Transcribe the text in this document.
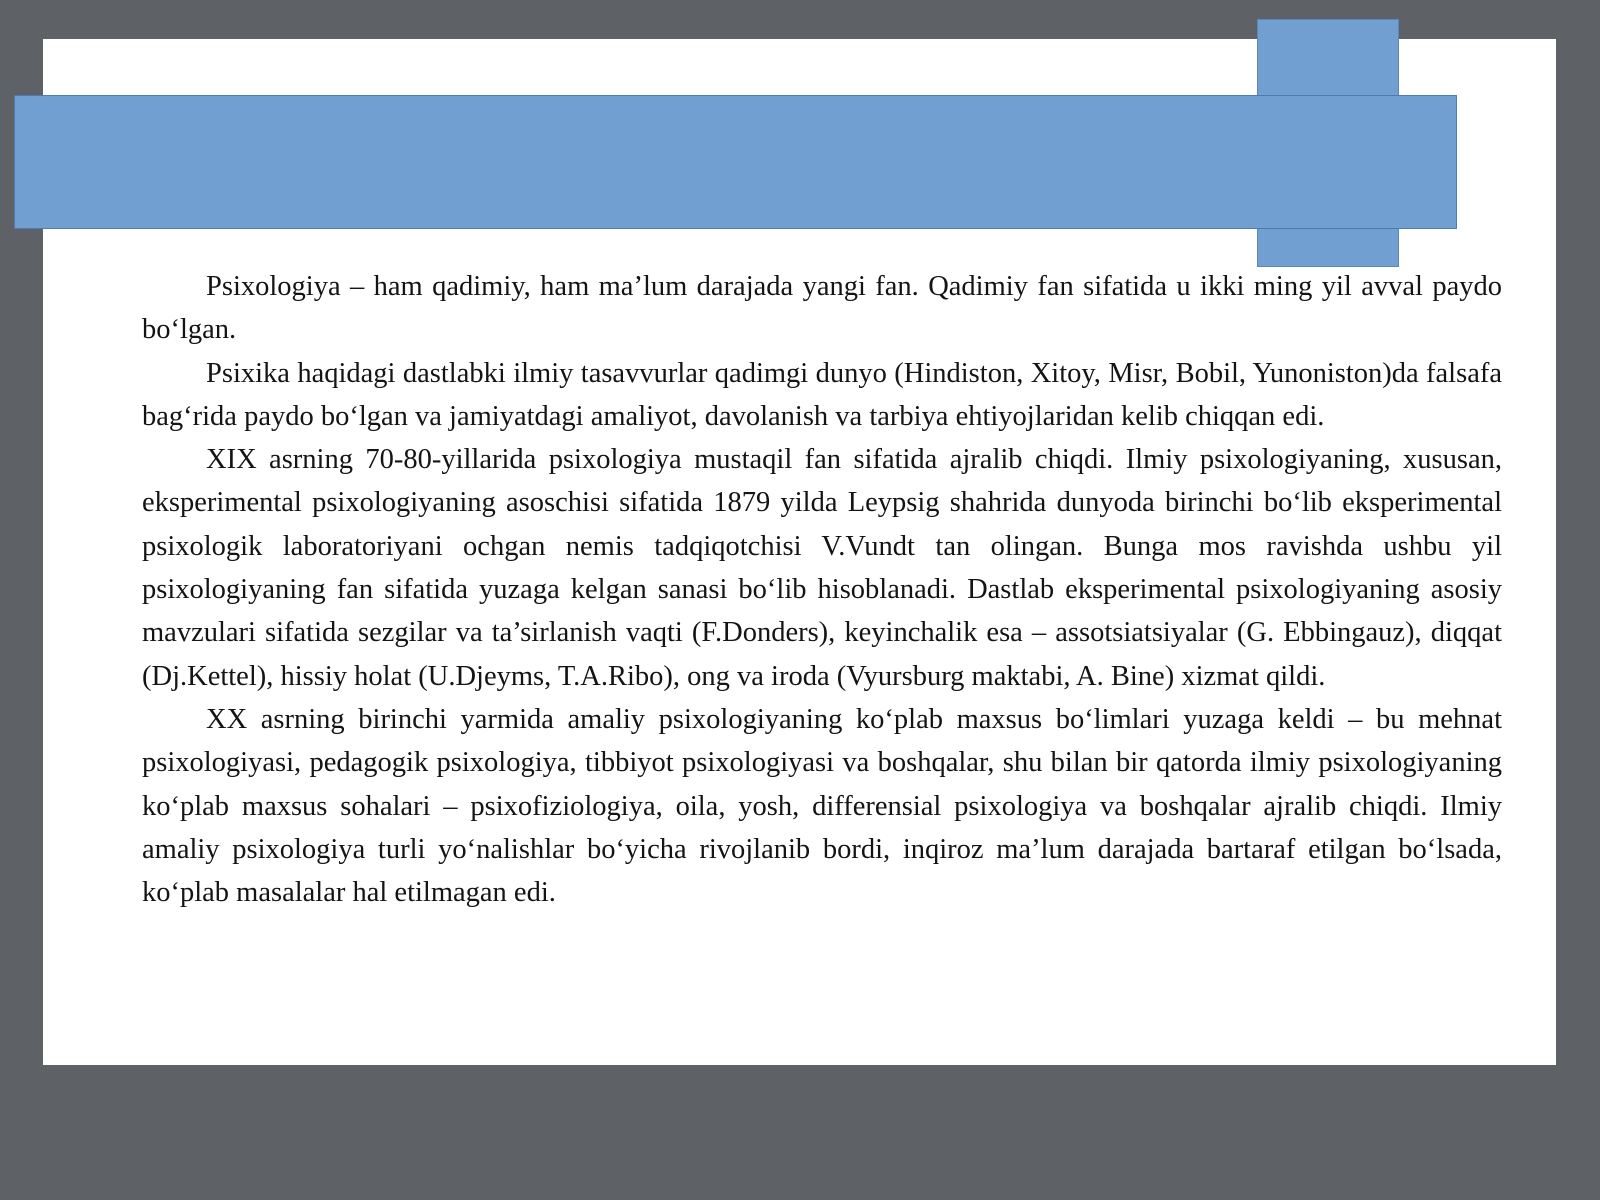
Psixologiya – ham qadimiy, ham ma’lum darajada yangi fan. Qadimiy fan sifatida u ikki ming yil avval paydo bo‘lgan.

Psixika haqidagi dastlabki ilmiy tasavvurlar qadimgi dunyo (Hindiston, Xitoy, Misr, Bobil, Yunoniston)da falsafa bag‘rida paydo bo‘lgan va jamiyatdagi amaliyot, davolanish va tarbiya ehtiyojlaridan kelib chiqqan edi.

XIX asrning 70-80-yillarida psixologiya mustaqil fan sifatida ajralib chiqdi. Ilmiy psixologiyaning, xususan, eksperimental psixologiyaning asoschisi sifatida 1879 yilda Leypsig shahrida dunyoda birinchi bo‘lib eksperimental psixologik laboratoriyani ochgan nemis tadqiqotchisi V.Vundt tan olingan. Bunga mos ravishda ushbu yil psixologiyaning fan sifatida yuzaga kelgan sanasi bo‘lib hisoblanadi. Dastlab eksperimental psixologiyaning asosiy mavzulari sifatida sezgilar va ta’sirlanish vaqti (F.Donders), keyinchalik esa – assotsiatsiyalar (G. Ebbingauz), diqqat (Dj.Kettel), hissiy holat (U.Djeyms, T.A.Ribo), ong va iroda (Vyursburg maktabi, A. Bine) xizmat qildi.

XX asrning birinchi yarmida amaliy psixologiyaning ko‘plab maxsus bo‘limlari yuzaga keldi – bu mehnat psixologiyasi, pedagogik psixologiya, tibbiyot psixologiyasi va boshqalar, shu bilan bir qatorda ilmiy psixologiyaning ko‘plab maxsus sohalari – psixofiziologiya, oila, yosh, differensial psixologiya va boshqalar ajralib chiqdi. Ilmiy amaliy psixologiya turli yo‘nalishlar bo‘yicha rivojlanib bordi, inqiroz ma’lum darajada bartaraf etilgan bo‘lsada, ko‘plab masalalar hal etilmagan edi.
